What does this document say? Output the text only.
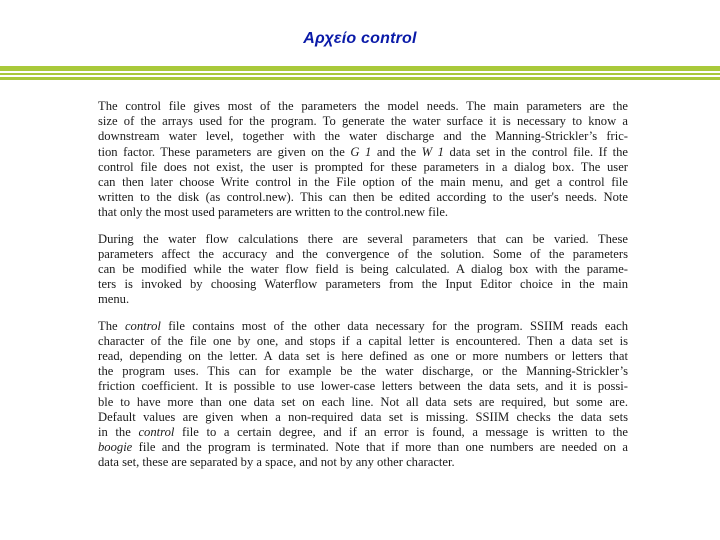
Αρχείο control

The control file gives most of the parameters the model needs. The main parameters are the
size of the arrays used for the program. To generate the water surface it is necessary to know a
downstream water level, together with the water discharge and the Manning-Strickler’s fric-
tion factor. These parameters are given on the G 1 and the W 1 data set in the control file. If the
control file does not exist, the user is prompted for these parameters in a dialog box. The user
can then later choose Write control in the File option of the main menu, and get a control file
written to the disk (as control.new). This can then be edited according to the user's needs. Note
that only the most used parameters are written to the control.new file.

During the water flow calculations there are several parameters that can be varied. These
parameters affect the accuracy and the convergence of the solution. Some of the parameters
can be modified while the water flow field is being calculated. A dialog box with the parame-
ters is invoked by choosing Waterflow parameters from the Input Editor choice in the main
menu.

The control file contains most of the other data necessary for the program. SSIIM reads each
character of the file one by one, and stops if a capital letter is encountered. Then a data set is
read, depending on the letter. A data set is here defined as one or more numbers or letters that
the program uses. This can for example be the water discharge, or the Manning-Strickler’s
friction coefficient. It is possible to use lower-case letters between the data sets, and it is possi-
ble to have more than one data set on each line. Not all data sets are required, but some are.
Default values are given when a non-required data set is missing. SSIIM checks the data sets
in the control file to a certain degree, and if an error is found, a message is written to the
boogie file and the program is terminated. Note that if more than one numbers are needed on a
data set, these are separated by a space, and not by any other character.
